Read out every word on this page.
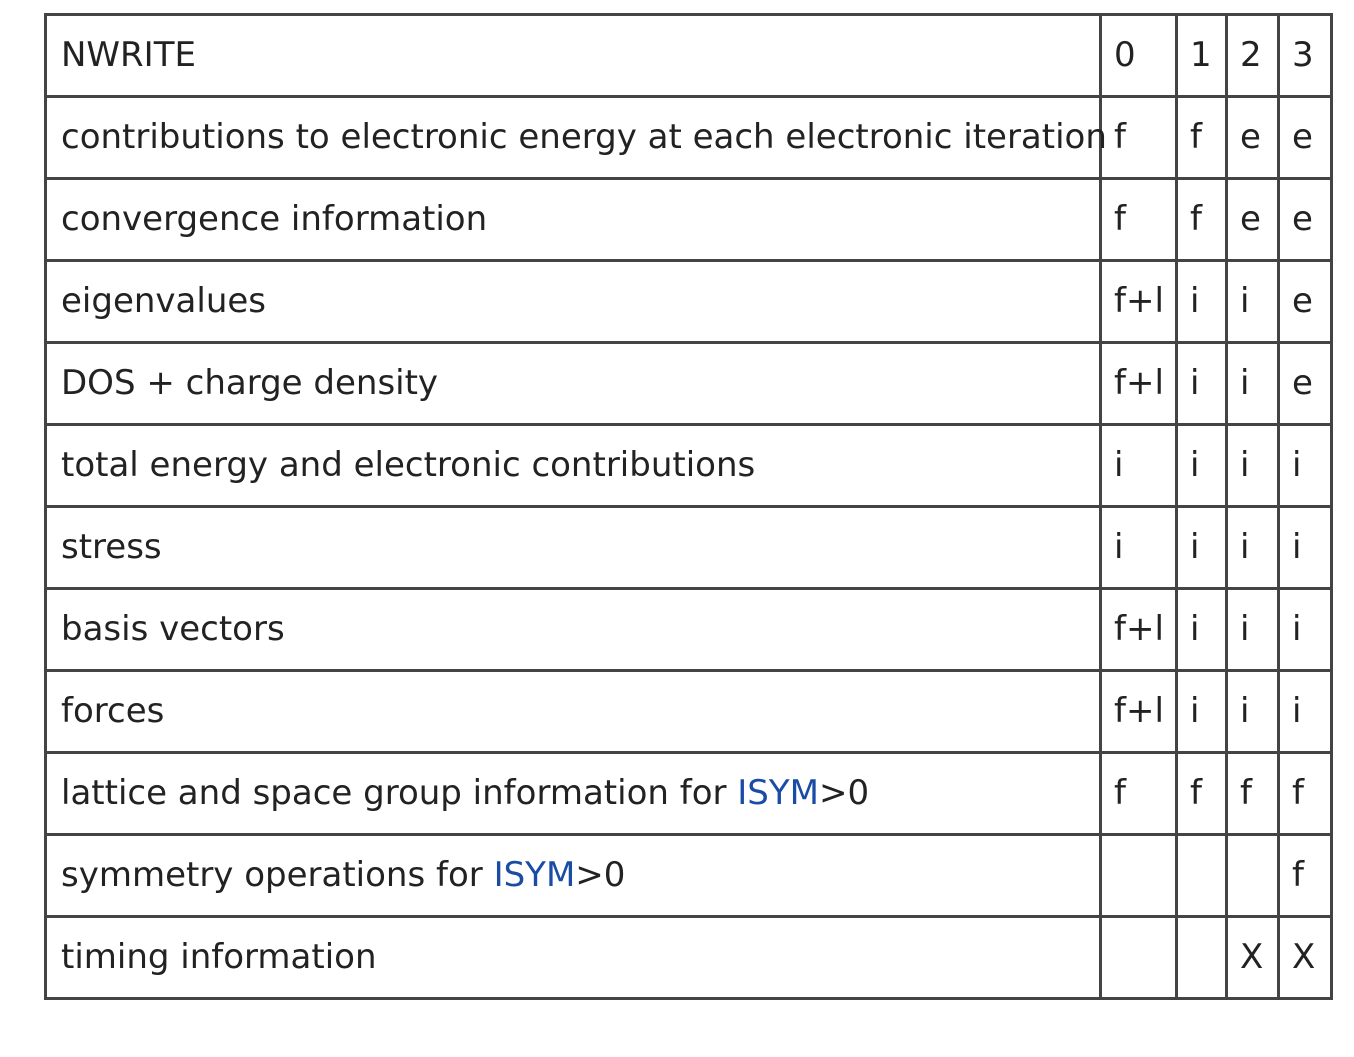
NWRITE	0	1	2	3
contributions to electronic energy at each electronic iteration	f	f	e	e
convergence information	f	f	e	e
eigenvalues	f+l	i	i	e
DOS + charge density	f+l	i	i	e
total energy and electronic contributions	i	i	i	i
stress	i	i	i	i
basis vectors	f+l	i	i	i
forces	f+l	i	i	i
lattice and space group information for ISYM>0	f	f	f	f
symmetry operations for ISYM>0				f
timing information			X	X
